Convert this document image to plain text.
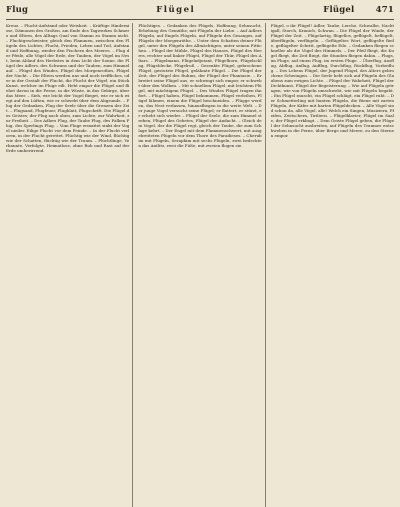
Flug	Flügel	Flügel 471

Kreuz. – Flucht-Aufstand oder Weisheit. – Kräftige Hindernisse, Dämonen des Großen, am Ende des Tagwerkes Schmerz und Eltern, des Alltags Qual von Stamm zu Stamm nicht. – Fluchtgeschwister, gleich den Flammen, zwischen den Flügeln des Lichtes, Flucht, Frieden, Leben und Tod, Aufstand und Hoffnung, wieder den Fischern des Meeres. – Flug der Pfeile, alle Vögel der Erde, der Tauben, der Vögel im Nest, beim Ablauf des Herbstes in dem Licht der Sonne, die Flügel des Adlers, des Schwans und der Tauben, zum Himmel auf. – Flügel des Windes, Flügel des Morgenrothes, Flügel der Nacht. – Die Eltern werden uns und noch treffliches, oder in der Gestalt der Flucht, die Flucht der Vögel, ein Stück Kunst, welcher im Fluge eilt. Hebt empor die Flügel und fliehet davon in die Ferne, in die Wüste, in das Gebirge, über das Meer. – Sieh, wie leicht der Vogel flieget, wie er sich wiegt auf den Lüften, wie er schwebt über dem Abgrunde. – Flug der Gedanken, Flug der Seele über die Grenzen der Zeit. – Flugsand, Flugfeuer, Flugblatt, Flugschrift. Die Flügel des Geistes; der Flug nach oben, zum Lichte, zur Wahrheit, zur Freiheit. – Des Adlers Flug, der Taube Flug, des Falken Flug, des Sperlings Flug. – Vom Fluge ermattet sinkt der Vogel nieder. Eilige Flucht vor dem Feinde. – In der Flucht verloren, in der Flucht gerettet. Flüchtig wie der Wind, flüchtig wie der Schatten, flüchtig wie der Traum. – Flüchtlinge, Verbannte, Verfolgte, Heimatlose, ohne Ruh und Rast auf der Erde umherirrend.

Flüchtiges. – Gedanken des Flügels, Hoffnung, Sehnsucht, Erhebung des Gemüths; mit Flügeln der Liebe. – Auf Adlers Flügeln, auf Engels Flügeln, auf Flügeln des Gesanges, auf Flügeln der Morgenröthe. – Unter dem Schatten deiner Flügel, unter den Flügeln des Allmächtigen, unter seinen Fittichen. – Flügel der Mühle, Flügel des Hauses, Flügel des Heeres, rechter und linker Flügel, Flügel der Thür, Flügel des Altars. – Flügelmann, Flügeladjutant, Flügelhorn, Flügelschlag, Flügeldecke, Flügelroß. – Gesenkte Flügel, gebrochene Flügel, gestutzte Flügel, gelähmte Flügel. – Die Flügel der Zeit, der Flügel des Ruhms, der Flügel der Phantasie. – Er breitet seine Flügel aus, er schwingt sich empor, er schwebt über den Wolken. – Mit schnellem Flügel, mit leichtem Flügel, mit mächtigem Flügel. – Des Windes Flügel tragen ihn fort. – Flügel haben, Flügel bekommen, Flügel verleihen, Flügel lähmen, einem die Flügel beschneiden. – Flügge werden, das Nest verlassen, hinausfliegen in die weite Welt. – Der junge Vogel versucht seine Flügel; er flattert, er stürzt, er erhebt sich wieder. – Flügel der Seele, die zum Himmel streben, Flügel des Gebetes, Flügel der Andacht. – Gleich dem Vogel, der die Flügel regt, gleich der Taube, die zum Schlage kehrt. – Der Engel mit dem Flammenschwert, mit ausgebreiteten Flügeln vor dem Thore des Paradieses. – Cherubim mit Flügeln, Seraphim mit sechs Flügeln, zwei bedeckten das Antlitz, zwei die Füße, mit zweien flogen sie.

Flügel, o ihr Flügel! Adler, Taube, Lerche, Schwalbe, Nachtigall, Storch, Kranich, Schwan. – Die Flügel der Winde, der Flügel der Zeit. – Flügelartig, flügellos, geflügelt, beflügelt, überflügeln, verflügeln. – Geflügeltes Wort, geflügelte Rede, geflügelter Schritt, geflügelte Eile. – Gedanken fliegen schneller als die Vögel des Himmels. – Der Pfeil fliegt, die Kugel fliegt, die Zeit fliegt, die Stunden fliegen dahin. – Flugs, im Fluge, auf einen Flug, im ersten Fluge. – Überflug, Ausflug, Abflug, Anflug, Aufflug, Durchflug, Rückflug, Vorbeiflug. – Des Lebens Flügel, der Jugend Flügel, des Alters gebrochene Schwingen. – Die Seele hebt sich auf Flügeln des Glaubens zum ewigen Lichte. – Flügel der Wahrheit, Flügel der Dichtkunst, Flügel der Begeisterung. – Wie auf Flügeln getragen, wie von Flügeln umschwebt, wie mit Flügeln begabt. – Ein Flügel rauscht, ein Flügel schlägt, ein Flügel ruht. – Der Schmetterling mit bunten Flügeln, die Biene mit zarten Flügeln, der Käfer mit harten Flügeldecken. – Alle Vögel sind schon da, alle Vögel, alle! Welch ein Singen, Musiziern, Pfeifen, Zwitschern, Tiriliern. – Flügelklavier, Flügel im Saale, der Flügel erklingt. – Dem Geiste Flügel geben, die Flügel der Sehnsucht ausbreiten, auf Flügeln des Traumes entschweben in die Ferne, über Berge und Meere, zu den Sternen empor.
